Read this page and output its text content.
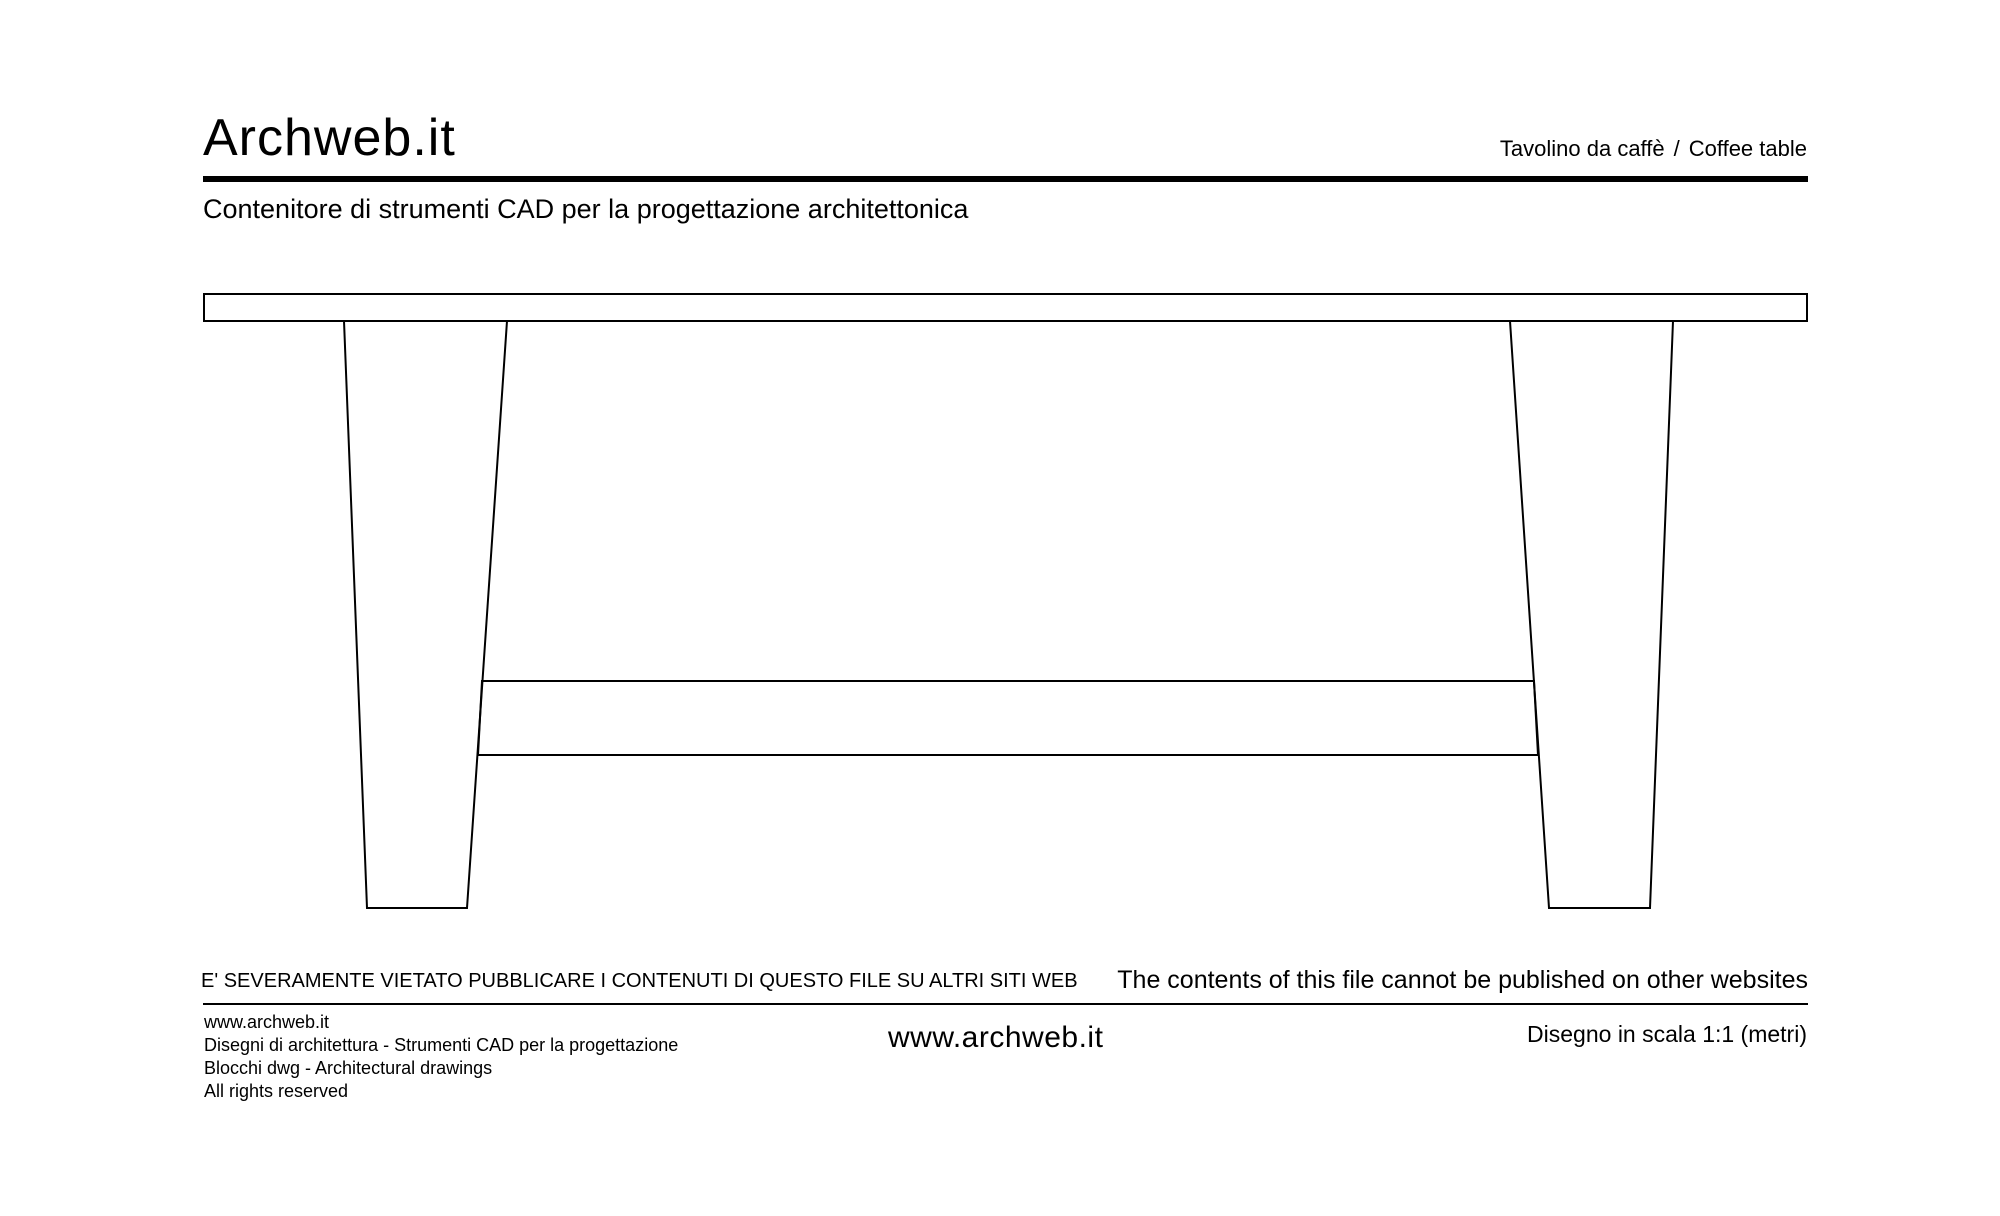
Archweb.it	Tavolino da caffè / Coffee table
Contenitore di strumenti CAD per la progettazione architettonica
E' SEVERAMENTE VIETATO PUBBLICARE I CONTENUTI DI QUESTO FILE SU ALTRI SITI WEB The contents of this file cannot be published on other websites
www.archweb.it
Disegni di architettura - Strumenti CAD per la progettazione
Blocchi dwg - Architectural drawings
All rights reserved
www.archweb.it	Disegno in scala 1:1 (metri)
